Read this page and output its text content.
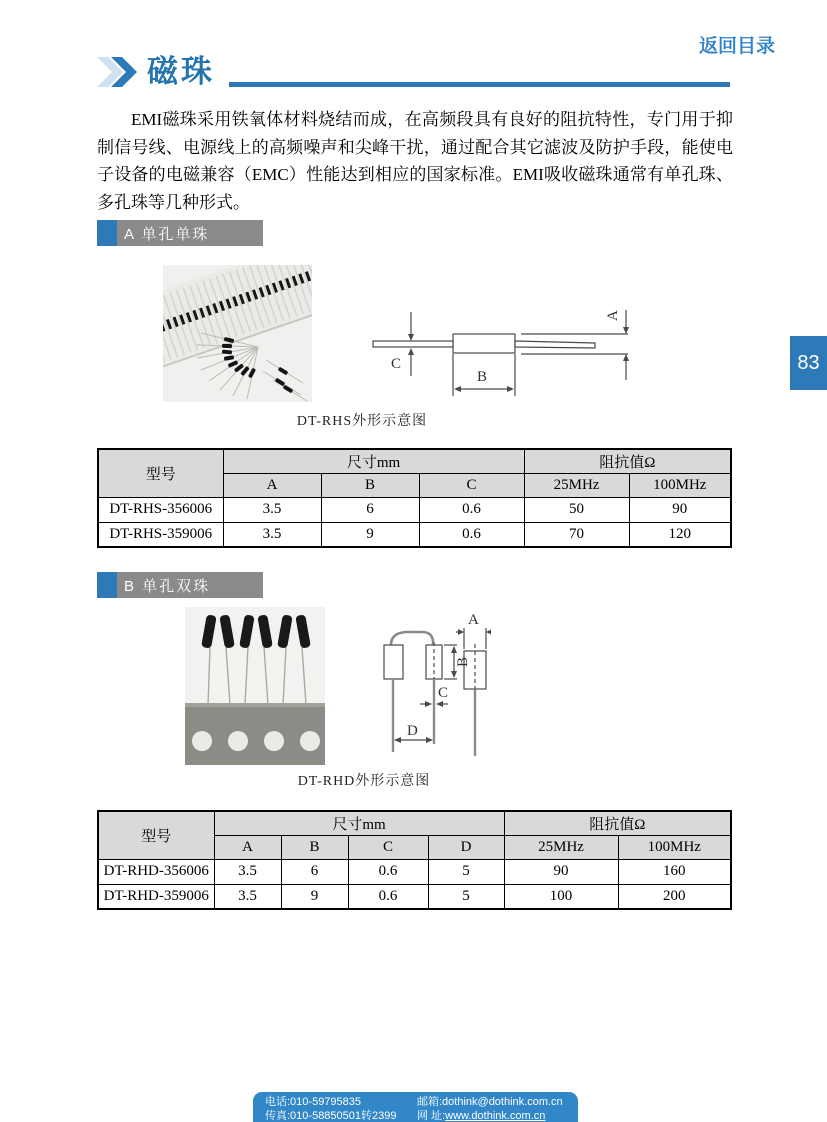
返回目录
磁珠

EMI磁珠采用铁氧体材料烧结而成，在高频段具有良好的阻抗特性，专门用于抑制信号线、电源线上的高频噪声和尖峰干扰，通过配合其它滤波及防护手段，能使电子设备的电磁兼容（EMC）性能达到相应的国家标准。EMI吸收磁珠通常有单孔珠、多孔珠等几种形式。

A 单孔单珠
A
B
C
DT-RHS外形示意图
型号	尺寸mm			阻抗值Ω	
	A	B	C	25MHz	100MHz
DT-RHS-356006	3.5	6	0.6	50	90
DT-RHS-359006	3.5	9	0.6	70	120
B 单孔双珠
A
B
C
D
DT-RHD外形示意图
型号	尺寸mm				阻抗值Ω	
	A	B	C	D	25MHz	100MHz
DT-RHD-356006	3.5	6	0.6	5	90	160
DT-RHD-359006	3.5	9	0.6	5	100	200
83
电话:010-59795835
传真:010-58850501转2399
邮箱:dothink@dothink.com.cn
网 址:www.dothink.com.cn
